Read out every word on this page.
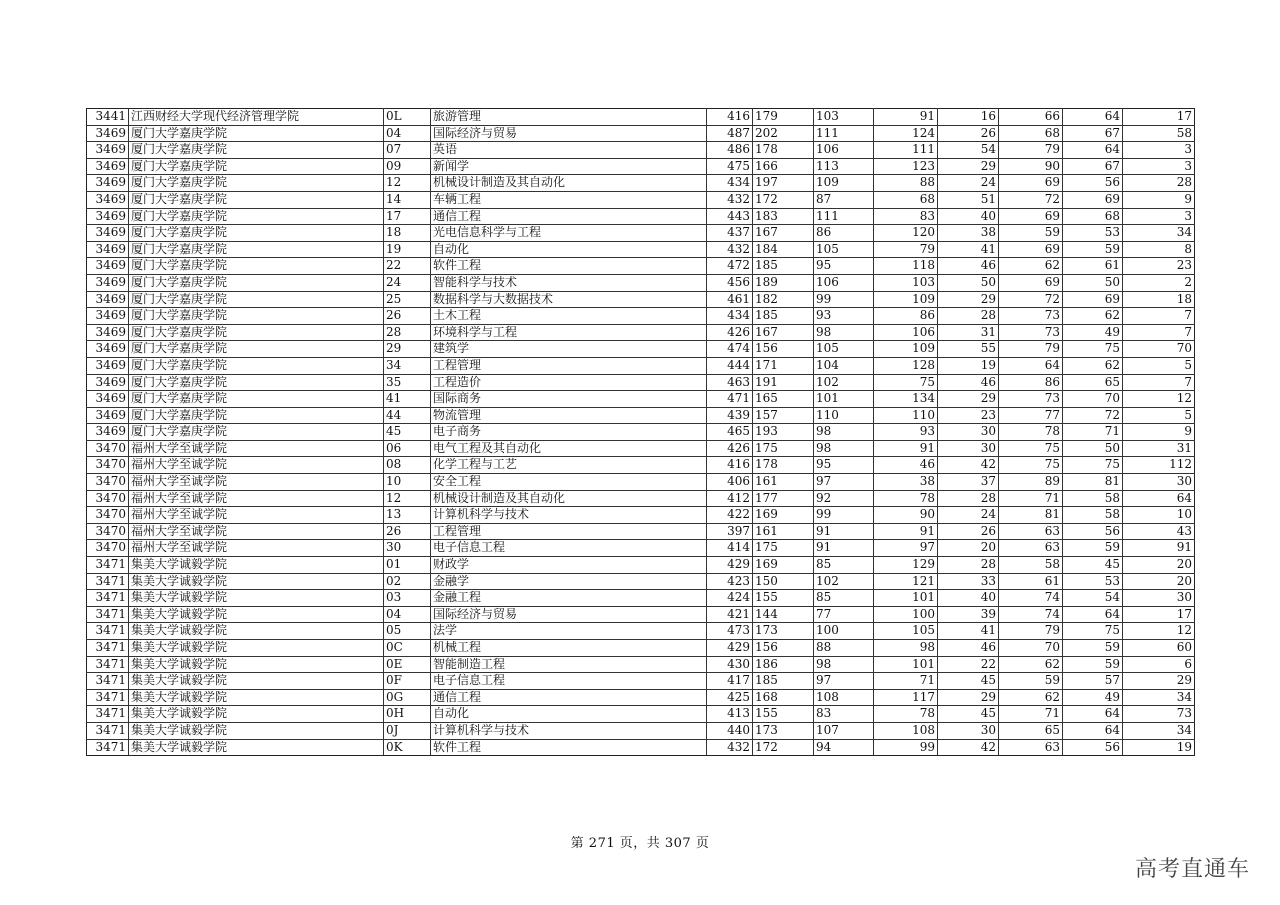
3441	江西财经大学现代经济管理学院	0L	旅游管理	416	179	103	91	16	66	64	17
3469	厦门大学嘉庚学院	04	国际经济与贸易	487	202	111	124	26	68	67	58
3469	厦门大学嘉庚学院	07	英语	486	178	106	111	54	79	64	3
3469	厦门大学嘉庚学院	09	新闻学	475	166	113	123	29	90	67	3
3469	厦门大学嘉庚学院	12	机械设计制造及其自动化	434	197	109	88	24	69	56	28
3469	厦门大学嘉庚学院	14	车辆工程	432	172	87	68	51	72	69	9
3469	厦门大学嘉庚学院	17	通信工程	443	183	111	83	40	69	68	3
3469	厦门大学嘉庚学院	18	光电信息科学与工程	437	167	86	120	38	59	53	34
3469	厦门大学嘉庚学院	19	自动化	432	184	105	79	41	69	59	8
3469	厦门大学嘉庚学院	22	软件工程	472	185	95	118	46	62	61	23
3469	厦门大学嘉庚学院	24	智能科学与技术	456	189	106	103	50	69	50	2
3469	厦门大学嘉庚学院	25	数据科学与大数据技术	461	182	99	109	29	72	69	18
3469	厦门大学嘉庚学院	26	土木工程	434	185	93	86	28	73	62	7
3469	厦门大学嘉庚学院	28	环境科学与工程	426	167	98	106	31	73	49	7
3469	厦门大学嘉庚学院	29	建筑学	474	156	105	109	55	79	75	70
3469	厦门大学嘉庚学院	34	工程管理	444	171	104	128	19	64	62	5
3469	厦门大学嘉庚学院	35	工程造价	463	191	102	75	46	86	65	7
3469	厦门大学嘉庚学院	41	国际商务	471	165	101	134	29	73	70	12
3469	厦门大学嘉庚学院	44	物流管理	439	157	110	110	23	77	72	5
3469	厦门大学嘉庚学院	45	电子商务	465	193	98	93	30	78	71	9
3470	福州大学至诚学院	06	电气工程及其自动化	426	175	98	91	30	75	50	31
3470	福州大学至诚学院	08	化学工程与工艺	416	178	95	46	42	75	75	112
3470	福州大学至诚学院	10	安全工程	406	161	97	38	37	89	81	30
3470	福州大学至诚学院	12	机械设计制造及其自动化	412	177	92	78	28	71	58	64
3470	福州大学至诚学院	13	计算机科学与技术	422	169	99	90	24	81	58	10
3470	福州大学至诚学院	26	工程管理	397	161	91	91	26	63	56	43
3470	福州大学至诚学院	30	电子信息工程	414	175	91	97	20	63	59	91
3471	集美大学诚毅学院	01	财政学	429	169	85	129	28	58	45	20
3471	集美大学诚毅学院	02	金融学	423	150	102	121	33	61	53	20
3471	集美大学诚毅学院	03	金融工程	424	155	85	101	40	74	54	30
3471	集美大学诚毅学院	04	国际经济与贸易	421	144	77	100	39	74	64	17
3471	集美大学诚毅学院	05	法学	473	173	100	105	41	79	75	12
3471	集美大学诚毅学院	0C	机械工程	429	156	88	98	46	70	59	60
3471	集美大学诚毅学院	0E	智能制造工程	430	186	98	101	22	62	59	6
3471	集美大学诚毅学院	0F	电子信息工程	417	185	97	71	45	59	57	29
3471	集美大学诚毅学院	0G	通信工程	425	168	108	117	29	62	49	34
3471	集美大学诚毅学院	0H	自动化	413	155	83	78	45	71	64	73
3471	集美大学诚毅学院	0J	计算机科学与技术	440	173	107	108	30	65	64	34
3471	集美大学诚毅学院	0K	软件工程	432	172	94	99	42	63	56	19
第 271 页，共 307 页
高考直通车
